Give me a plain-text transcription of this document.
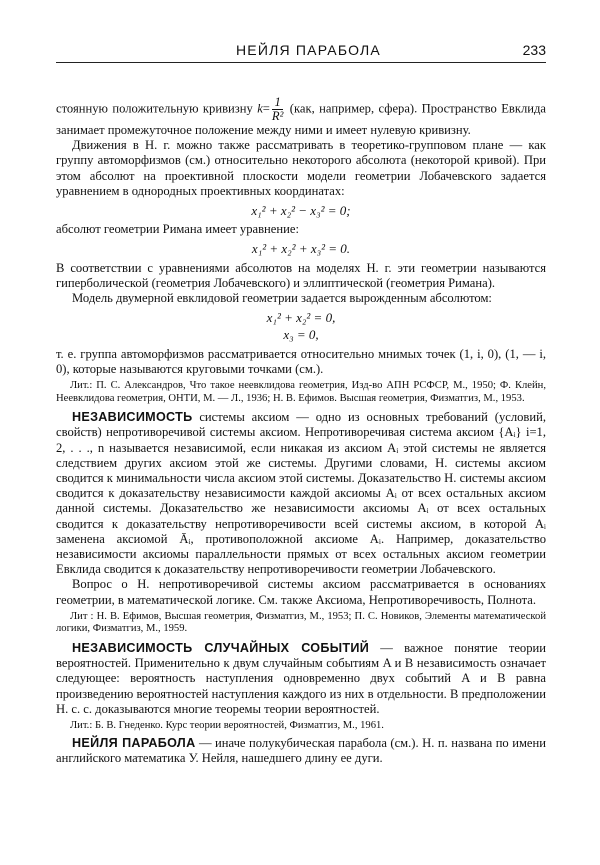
НЕЙЛЯ ПАРАБОЛА	233

стоянную положительную кривизну $k= \frac{1}{\text{R²}} (как$, например, сфера). Пространство Евклида занимает промежуточное положение между ними и имеет нулевую кривизну.

Движения в Н. г. можно также рассматривать в теоретико-групповом плане — как группу автоморфизмов (см.) относительно некоторого абсолюта (некоторой кривой). При этом абсолют на проективной плоскости модели геометрии Лобачевского задается уравнением в однородных проективных координатах:

x₁² + x₂² − x₃² = 0;

абсолют геометрии Римана имеет уравнение:

x₁² + x₂² + x₃² = 0.

В соответствии с уравнениями абсолютов на моделях Н. г. эти геометрии называются гиперболической (геометрия Лобачевского) и эллиптической (геометрия Римана).

Модель двумерной евклидовой геометрии задается вырожденным абсолютом:

x₁² + x₂² = 0,
x₃ = 0,

т. е. группа автоморфизмов рассматривается относительно мнимых точек (1, i, 0), (1, — i, 0), которые называются круговыми точками (см.).

Лит.: П. С. Александров, Что такое неевклидова геометрия, Изд-во АПН РСФСР, М., 1950; Ф. Клейн, Неевклидова геометрия, ОНТИ, М. — Л., 1936; Н. В. Ефимов. Высшая геометрия, Физматгиз, М., 1953.

НЕЗАВИСИМОСТЬ системы аксиом — одно из основных требований (условий, свойств) непротиворечивой системы аксиом. Непротиворечивая система аксиом {Aᵢ} i=1, 2, . . ., n называется независимой, если никакая из аксиом Aᵢ этой системы не является следствием других аксиом этой же системы. Другими словами, Н. системы аксиом сводится к минимальности числа аксиом этой системы. Доказательство Н. системы аксиом сводится к доказательству независимости каждой аксиомы Aᵢ от всех остальных аксиом данной системы. Доказательство же независимости аксиомы Aᵢ от всех остальных сводится к доказательству непротиворечивости всей системы аксиом, в которой Aᵢ заменена аксиомой Āᵢ, противоположной аксиоме Aᵢ. Например, доказательство независимости аксиомы параллельности прямых от всех остальных аксиом геометрии Евклида сводится к доказательству непротиворечивости геометрии Лобачевского.

Вопрос о Н. непротиворечивой системы аксиом рассматривается в основаниях геометрии, в математической логике. См. также Аксиома, Непротиворечивость, Полнота.

Лит : Н. В. Ефимов, Высшая геометрия, Физматгиз, М., 1953; П. С. Новиков, Элементы математической логики, Физматгиз, М., 1959.

НЕЗАВИСИМОСТЬ СЛУЧАЙНЫХ СОБЫТИЙ — важное понятие теории вероятностей. Применительно к двум случайным событиям A и B независимость означает следующее: вероятность наступления одновременно двух событий A и B равна произведению вероятностей наступления каждого из них в отдельности. В предположении Н. с. с. доказываются многие теоремы теории вероятностей.

Лит.: Б. В. Гнеденко. Курс теории вероятностей, Физматгиз, М., 1961.

НЕЙЛЯ ПАРАБОЛА — иначе полукубическая парабола (см.). Н. п. названа по имени английского математика У. Нейля, нашедшего длину ее дуги.
